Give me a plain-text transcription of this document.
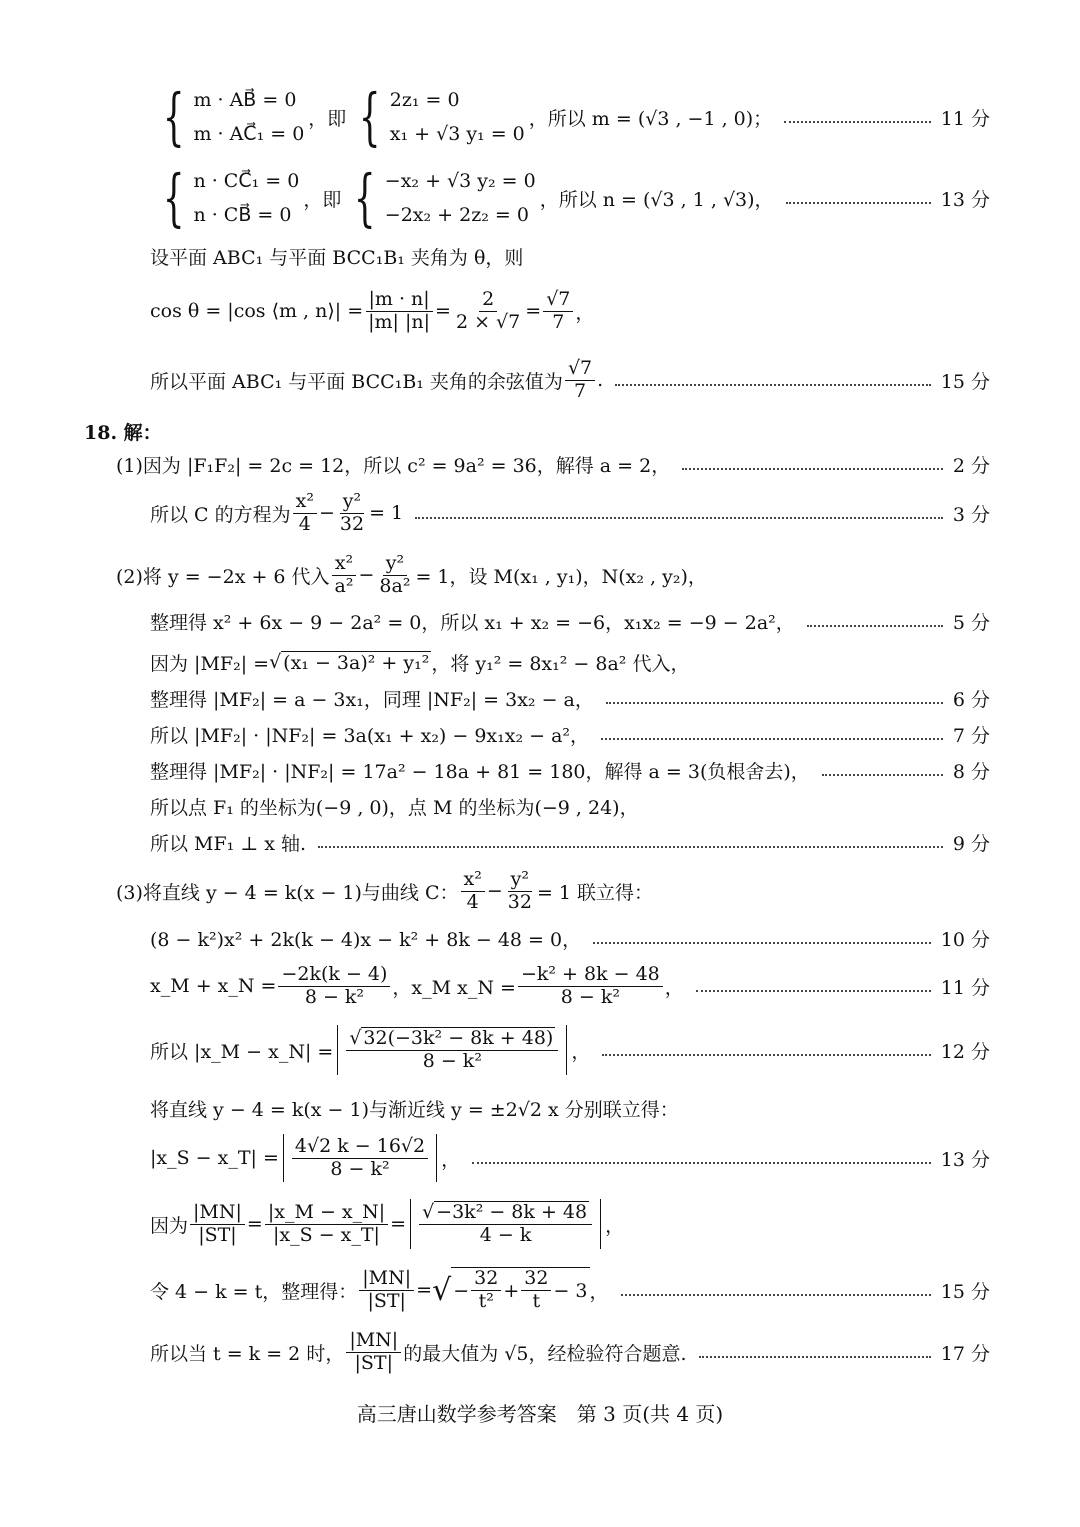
{ m · AB⃗ = 0
m · AC⃗₁ = 0
，即 { 2z₁ = 0
x₁ + √3 y₁ = 0
，所以 m = (√3 , −1 , 0)；	11 分
{ n · CC⃗₁ = 0
n · CB⃗ = 0
，即 { −x₂ + √3 y₂ = 0
−2x₂ + 2z₂ = 0
，所以 n = (√3 , 1 , √3)，	13 分
设平面 ABC₁ 与平面 BCC₁B₁ 夹角为 θ，则
cos θ = |cos ⟨m , n⟩| = $\frac{|m \cdot n|}{|m| |n|} = \frac{2}{2 \times √7} = \frac{√7}{7}$ ，
所以平面 ABC₁ 与平面 BCC₁B₁ 夹角的余弦值为 $\frac{√7}{7}$ .	15 分
18. 解：
(1)因为 |F₁F₂| = 2c = 12，所以 c² = 9a² = 36，解得 a = 2，	2 分
所以 C 的方程为 $\frac{\text{x²}}{4} - \frac{\text{y²}}{32} = 1$	3 分
(2)将 y = −2x + 6 代入 $\frac{\text{x²}}{\text{a²}} - \frac{\text{y²}}{\text{8a²}} = 1$，设 M(x₁ , y₁)，N(x₂ , y₂)，
整理得 x² + 6x − 9 − 2a² = 0，所以 x₁ + x₂ = −6，x₁x₂ = −9 − 2a²，	5 分
因为 |MF₂| = √ (x₁ − 3a)² + y₁² ，将 y₁² = 8x₁² − 8a² 代入，
整理得 |MF₂| = a − 3x₁，同理 |NF₂| = 3x₂ − a，	6 分
所以 |MF₂| · |NF₂| = 3a(x₁ + x₂) − 9x₁x₂ − a²，	7 分
整理得 |MF₂| · |NF₂| = 17a² − 18a + 81 = 180，解得 a = 3(负根舍去)，	8 分
所以点 F₁ 的坐标为(−9 , 0)，点 M 的坐标为(−9 , 24)，
所以 MF₁ ⊥ x 轴.	9 分
(3)将直线 y − 4 = k(x − 1)与曲线 C： $\frac{\text{x²}}{4} - \frac{\text{y²}}{32} = 1$ 联立得：
(8 − k²)x² + 2k(k − 4)x − k² + 8k − 48 = 0，	10 分
x_M + x_N = $\frac{-2k(k - 4)}{\text{8 − k²}}$ ，x_M x_N = $\frac{\text{−k² + 8k − 48}}{\text{8 − k²}}$ ，	11 分
所以 |x_M − x_N| = $\frac{\text{√ 32(−3k² − 8k + 48)}}{\text{8 − k²}}$ ，	12 分
将直线 y − 4 = k(x − 1)与渐近线 y = ±2√2 x 分别联立得：
|x_S − x_T| = $\frac{4√2 k - 16√2}{\text{8 − k²}}$ ，	13 分
因为 $\frac{|MN|}{|ST|} = \frac{|x\_M - x\_N|}{|x\_S - x\_T|} = \frac{\text{√ −3k² − 8k + 48}}{4 - k}$ ，
令 4 − k = t，整理得： $\frac{|MN|}{|ST|}$ = √ − $\frac{32}{\text{t²}} + \frac{32}{t} - 3$ ，	15 分
所以当 t = k = 2 时， $\frac{|MN|}{|ST|}$ 的最大值为 √5，经检验符合题意.	17 分
高三唐山数学参考答案　第 3 页(共 4 页)
